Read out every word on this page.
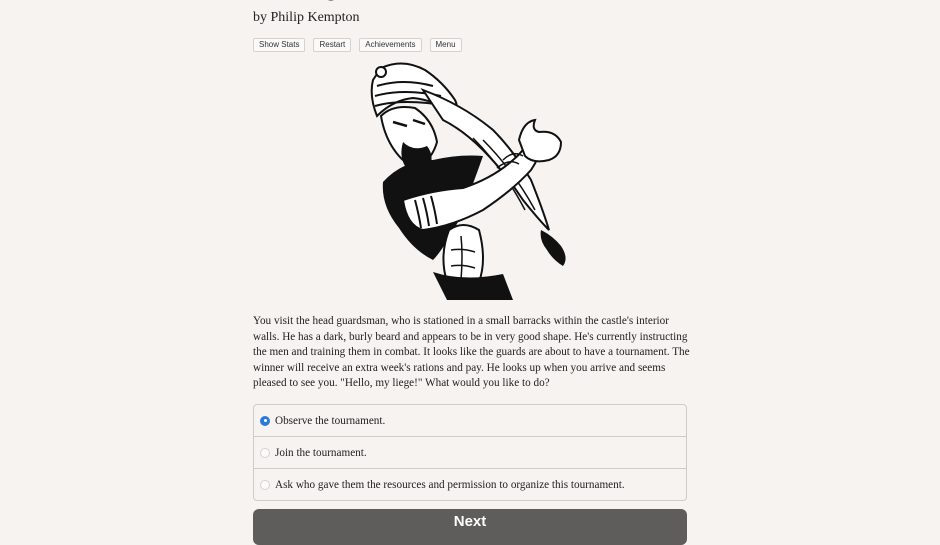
by Philip Kempton
Show Stats	Restart	Achievements	Menu
You visit the head guardsman, who is stationed in a small barracks within the castle's interior walls. He has a dark, burly beard and appears to be in very good shape. He's currently instructing the men and training them in combat. It looks like the guards are about to have a tournament. The winner will receive an extra week's rations and pay. He looks up when you arrive and seems pleased to see you. "Hello, my liege!" What would you like to do?
Observe the tournament.
Join the tournament.
Ask who gave them the resources and permission to organize this tournament.
Next
